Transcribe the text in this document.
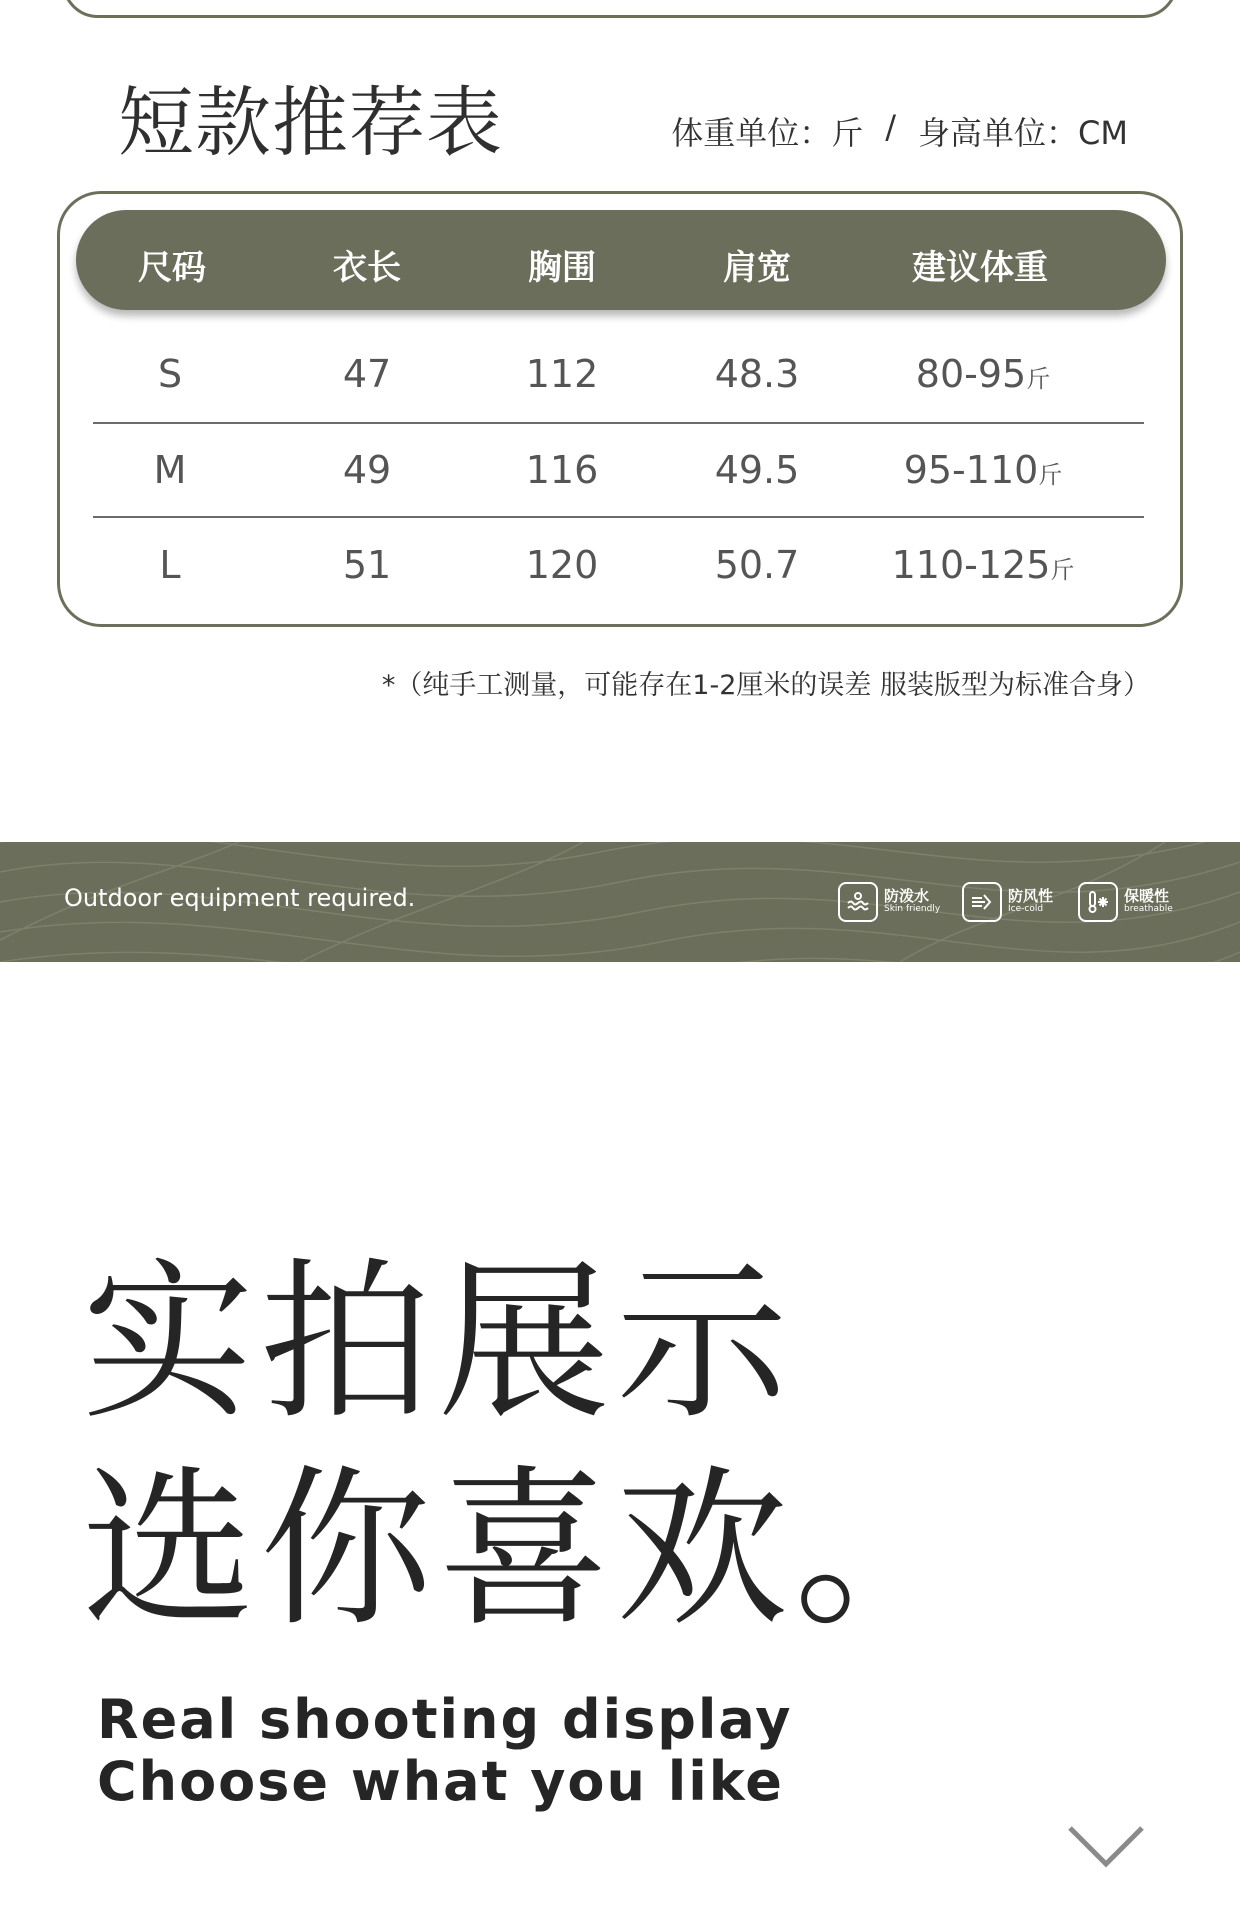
短款推荐表	体重单位：斤 / 身高单位：CM
尺码	衣长	胸围	肩宽	建议体重
S	47	112	48.3	80-95斤
M	49	116	49.5	95-110斤
L	51	120	50.7 110-125斤
*（纯手工测量，可能存在1-2厘米的误差 服装版型为标准合身）
Outdoor equipment required.	防泼水
Skin friendly
防风性
Ice-cold
保暖性
breathable
实拍展示
选你喜欢。
Real shooting display
Choose what you like
